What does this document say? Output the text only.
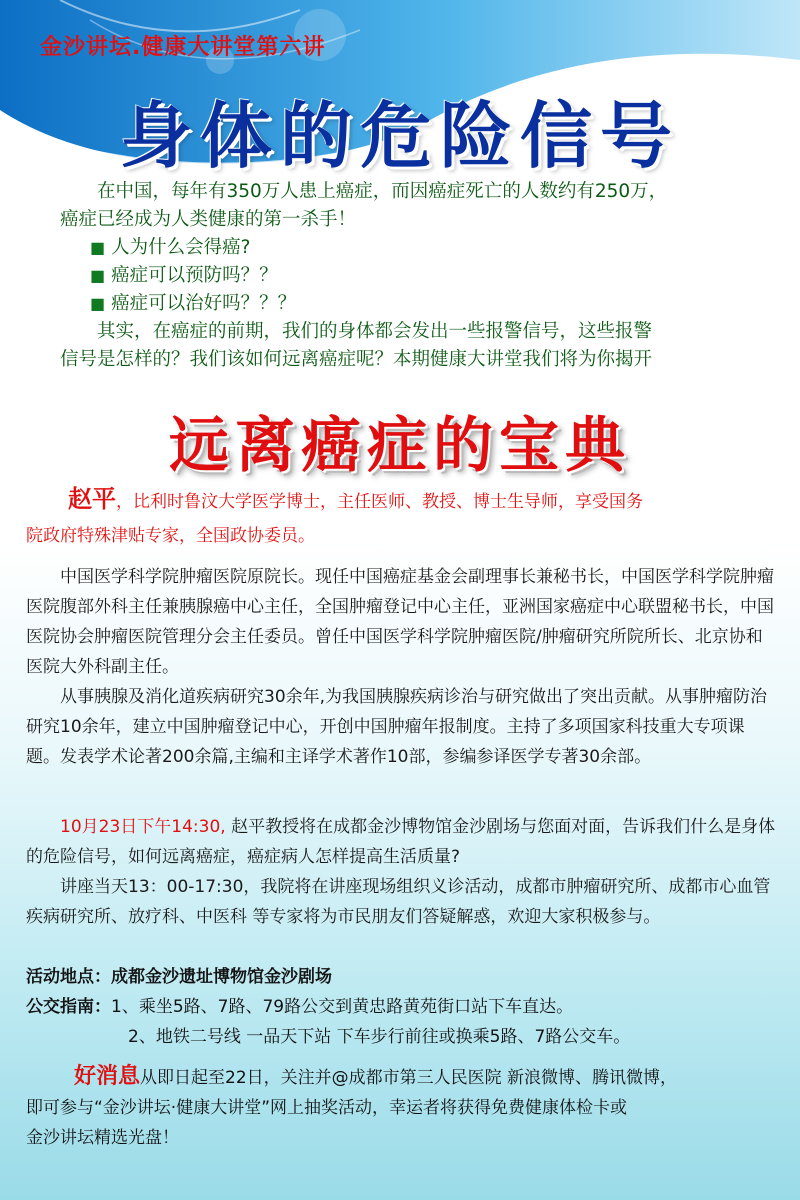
金沙讲坛.健康大讲堂第六讲
身体的危险信号

在中国，每年有350万人患上癌症，而因癌症死亡的人数约有250万，

癌症已经成为人类健康的第一杀手！

■ 人为什么会得癌?

■ 癌症可以预防吗？？

■ 癌症可以治好吗？？？

其实，在癌症的前期，我们的身体都会发出一些报警信号，这些报警

信号是怎样的？我们该如何远离癌症呢？本期健康大讲堂我们将为你揭开

远离癌症的宝典
赵平，比利时鲁汶大学医学博士，主任医师、教授、博士生导师，享受国务
院政府特殊津贴专家，全国政协委员。

中国医学科学院肿瘤医院原院长。现任中国癌症基金会副理事长兼秘书长，中国医学科学院肿瘤医院腹部外科主任兼胰腺癌中心主任，全国肿瘤登记中心主任，亚洲国家癌症中心联盟秘书长，中国医院协会肿瘤医院管理分会主任委员。曾任中国医学科学院肿瘤医院/肿瘤研究所院所长、北京协和医院大外科副主任。

从事胰腺及消化道疾病研究30余年,为我国胰腺疾病诊治与研究做出了突出贡献。从事肿瘤防治研究10余年，建立中国肿瘤登记中心，开创中国肿瘤年报制度。主持了多项国家科技重大专项课题。发表学术论著200余篇,主编和主译学术著作10部，参编参译医学专著30余部。

10月23日下午14:30, 赵平教授将在成都金沙博物馆金沙剧场与您面对面，告诉我们什么是身体的危险信号，如何远离癌症，癌症病人怎样提高生活质量?

讲座当天13：00-17:30，我院将在讲座现场组织义诊活动，成都市肿瘤研究所、成都市心血管疾病研究所、放疗科、中医科 等专家将为市民朋友们答疑解惑，欢迎大家积极参与。

活动地点：成都金沙遗址博物馆金沙剧场
公交指南：1、乘坐5路、7路、79路公交到黄忠路黄苑街口站下车直达。
2、地铁二号线 一品天下站 下车步行前往或换乘5路、7路公交车。
好消息从即日起至22日，关注并@成都市第三人民医院 新浪微博、腾讯微博，
即可参与“金沙讲坛·健康大讲堂”网上抽奖活动，幸运者将获得免费健康体检卡或
金沙讲坛精选光盘！
